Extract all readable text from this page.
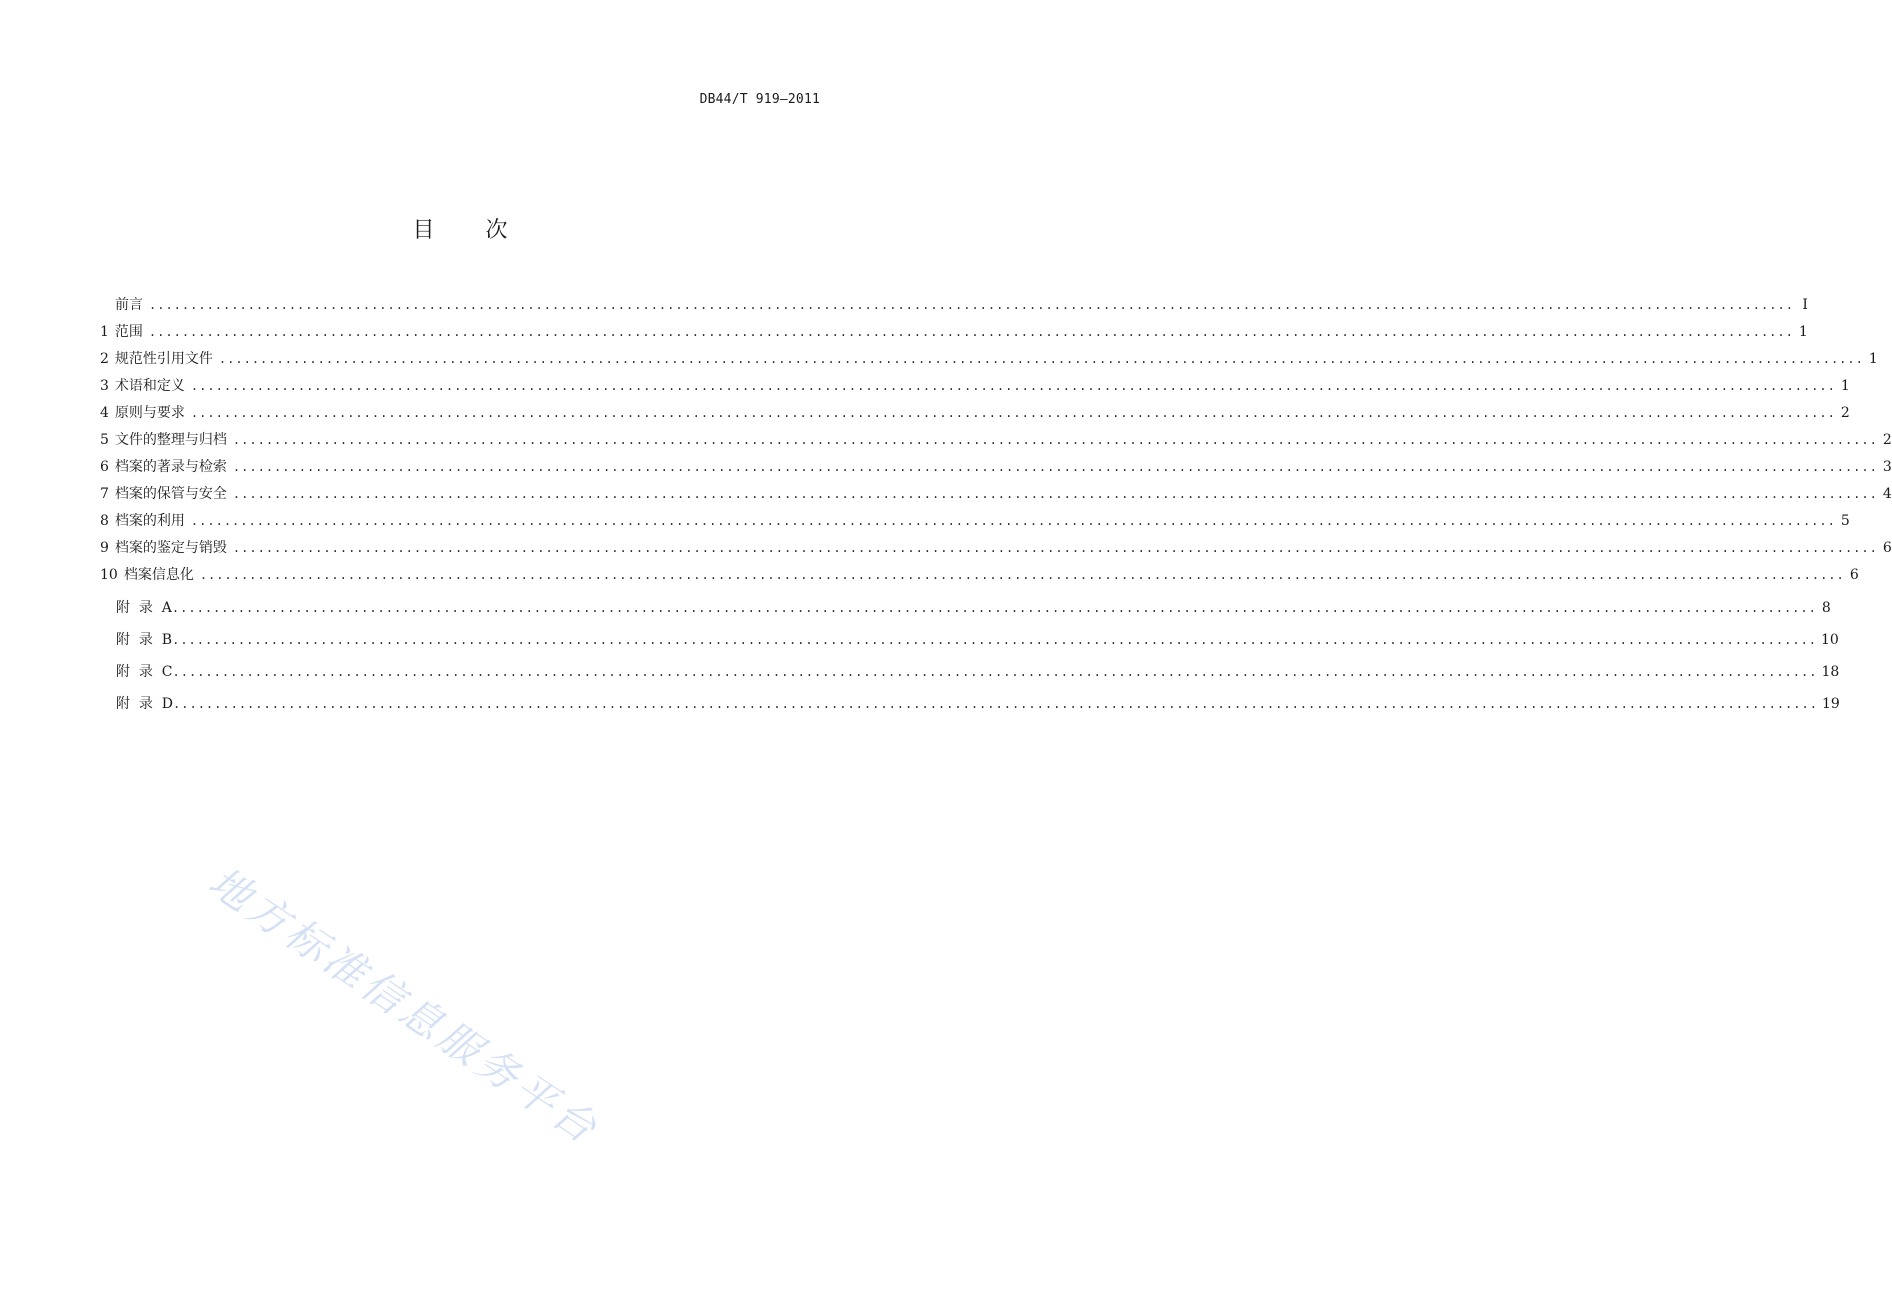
DB44/T 919—2011
目 次
前言 ........................................................................................................................................................................................................ I
1 范围 ........................................................................................................................................................................................................ 1
2 规范性引用文件 ........................................................................................................................................................................................................ 1
3 术语和定义 ........................................................................................................................................................................................................ 1
4 原则与要求 ........................................................................................................................................................................................................ 2
5 文件的整理与归档 ........................................................................................................................................................................................................ 2
6 档案的著录与检索 ........................................................................................................................................................................................................ 3
7 档案的保管与安全 ........................................................................................................................................................................................................ 4
8 档案的利用 ........................................................................................................................................................................................................ 5
9 档案的鉴定与销毁 ........................................................................................................................................................................................................ 6
10 档案信息化 ........................................................................................................................................................................................................ 6
附  录  A ........................................................................................................................................................................................................ 8
附  录  B ........................................................................................................................................................................................................ 10
附  录  C ........................................................................................................................................................................................................ 18
附  录  D ........................................................................................................................................................................................................ 19
地方标准信息服务平台
